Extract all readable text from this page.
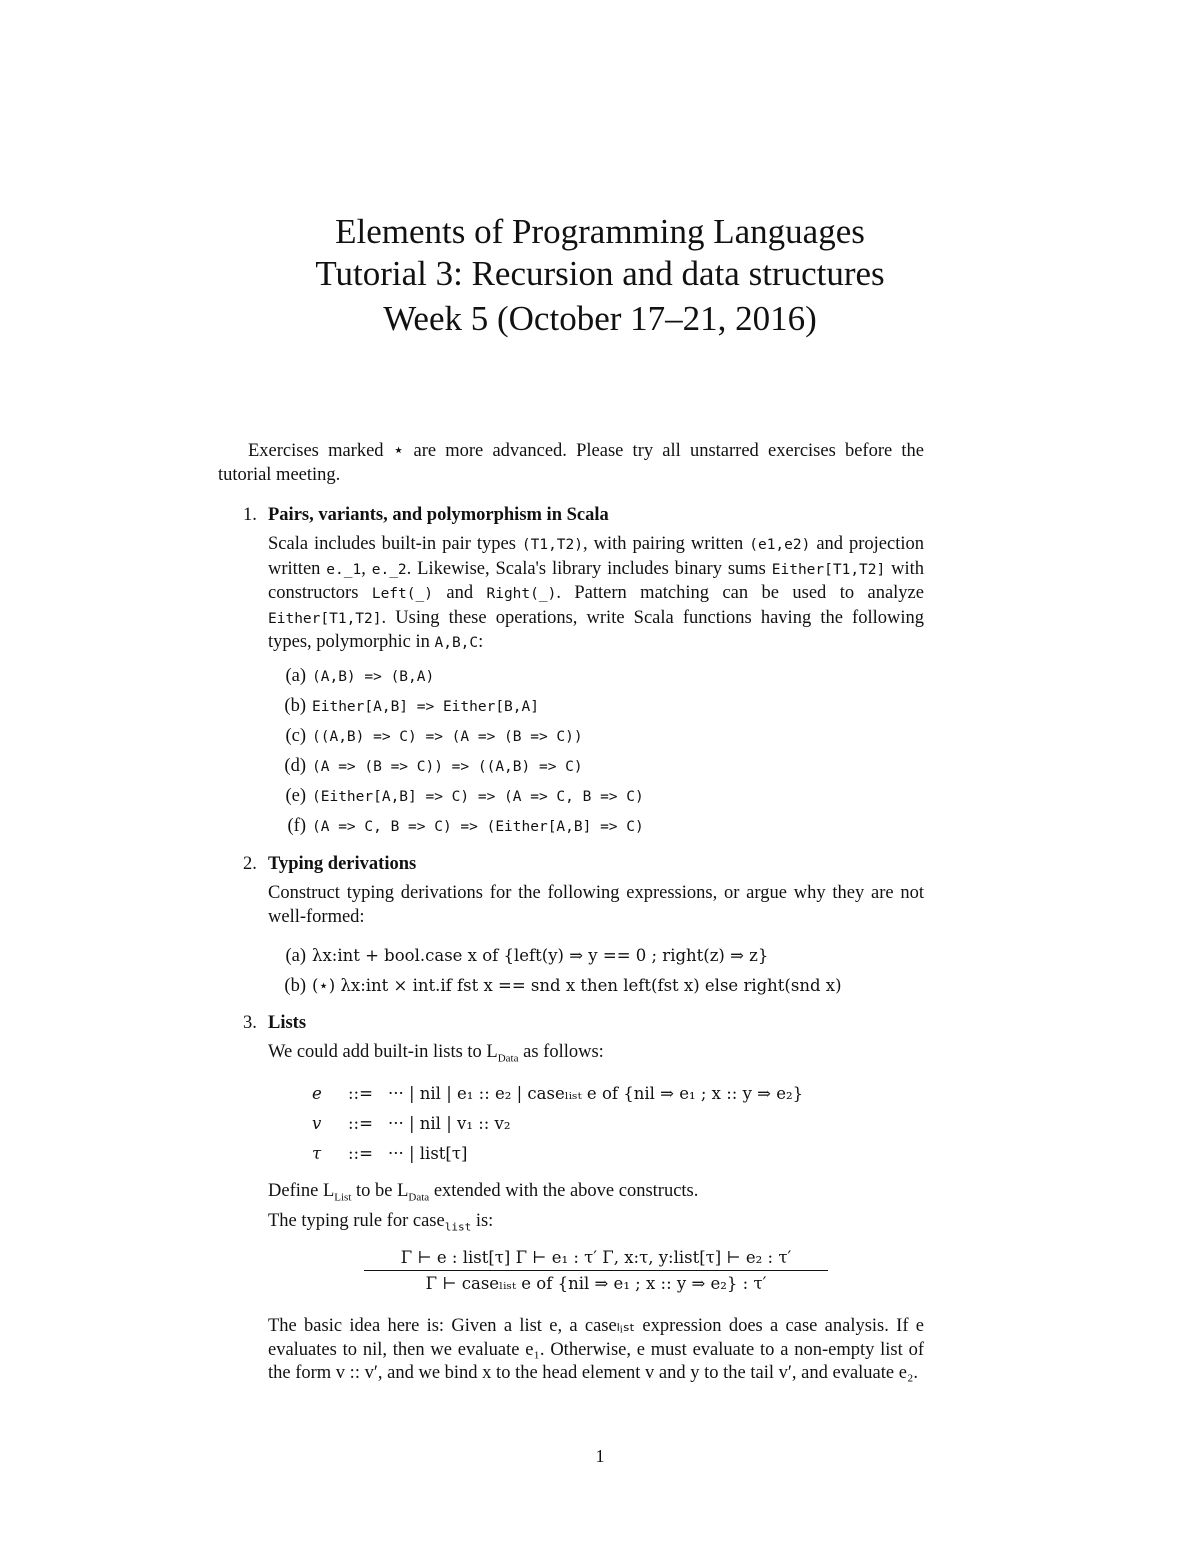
Elements of Programming Languages
Tutorial 3: Recursion and data structures
Week 5 (October 17–21, 2016)
Exercises marked ⋆ are more advanced. Please try all unstarred exercises before the tutorial meeting.
1. Pairs, variants, and polymorphism in Scala
Scala includes built-in pair types (T1,T2), with pairing written (e1,e2) and projection written e._1, e._2. Likewise, Scala's library includes binary sums Either[T1,T2] with constructors Left(_) and Right(_). Pattern matching can be used to analyze Either[T1,T2]. Using these operations, write Scala functions having the following types, polymorphic in A,B,C:
(a) (A,B) => (B,A)
(b) Either[A,B] => Either[B,A]
(c) ((A,B) => C) => (A => (B => C))
(d) (A => (B => C)) => ((A,B) => C)
(e) (Either[A,B] => C) => (A => C, B => C)
(f) (A => C, B => C) => (Either[A,B] => C)
2. Typing derivations
Construct typing derivations for the following expressions, or argue why they are not well-formed:
(a) λx:int + bool.case x of {left(y) ⇒ y == 0 ; right(z) ⇒ z}
(b) (⋆) λx:int × int.if fst x == snd x then left(fst x) else right(snd x)
3. Lists
We could add built-in lists to $L_{Data}$ as follows:
e ::= ··· | nil | e₁ :: e₂ | caseₗᵢₛₜ e of {nil ⇒ e₁ ; x :: y ⇒ e₂}
v ::= ··· | nil | v₁ :: v₂
τ ::= ··· | list[τ]
Define $L_{List}$ to be $L_{Data}$ extended with the above constructs.
The typing rule for case$_{list}$ is:
Γ ⊢ e : list[τ] Γ ⊢ e₁ : τ′ Γ, x:τ, y:list[τ] ⊢ e₂ : τ′
Γ ⊢ caseₗᵢₛₜ e of {nil ⇒ e₁ ; x :: y ⇒ e₂} : τ′
The basic idea here is: Given a list e, a caseₗᵢₛₜ expression does a case analysis. If e evaluates to nil, then we evaluate e₁. Otherwise, e must evaluate to a non-empty list of the form v :: v′, and we bind x to the head element v and y to the tail v′, and evaluate e₂.
1
